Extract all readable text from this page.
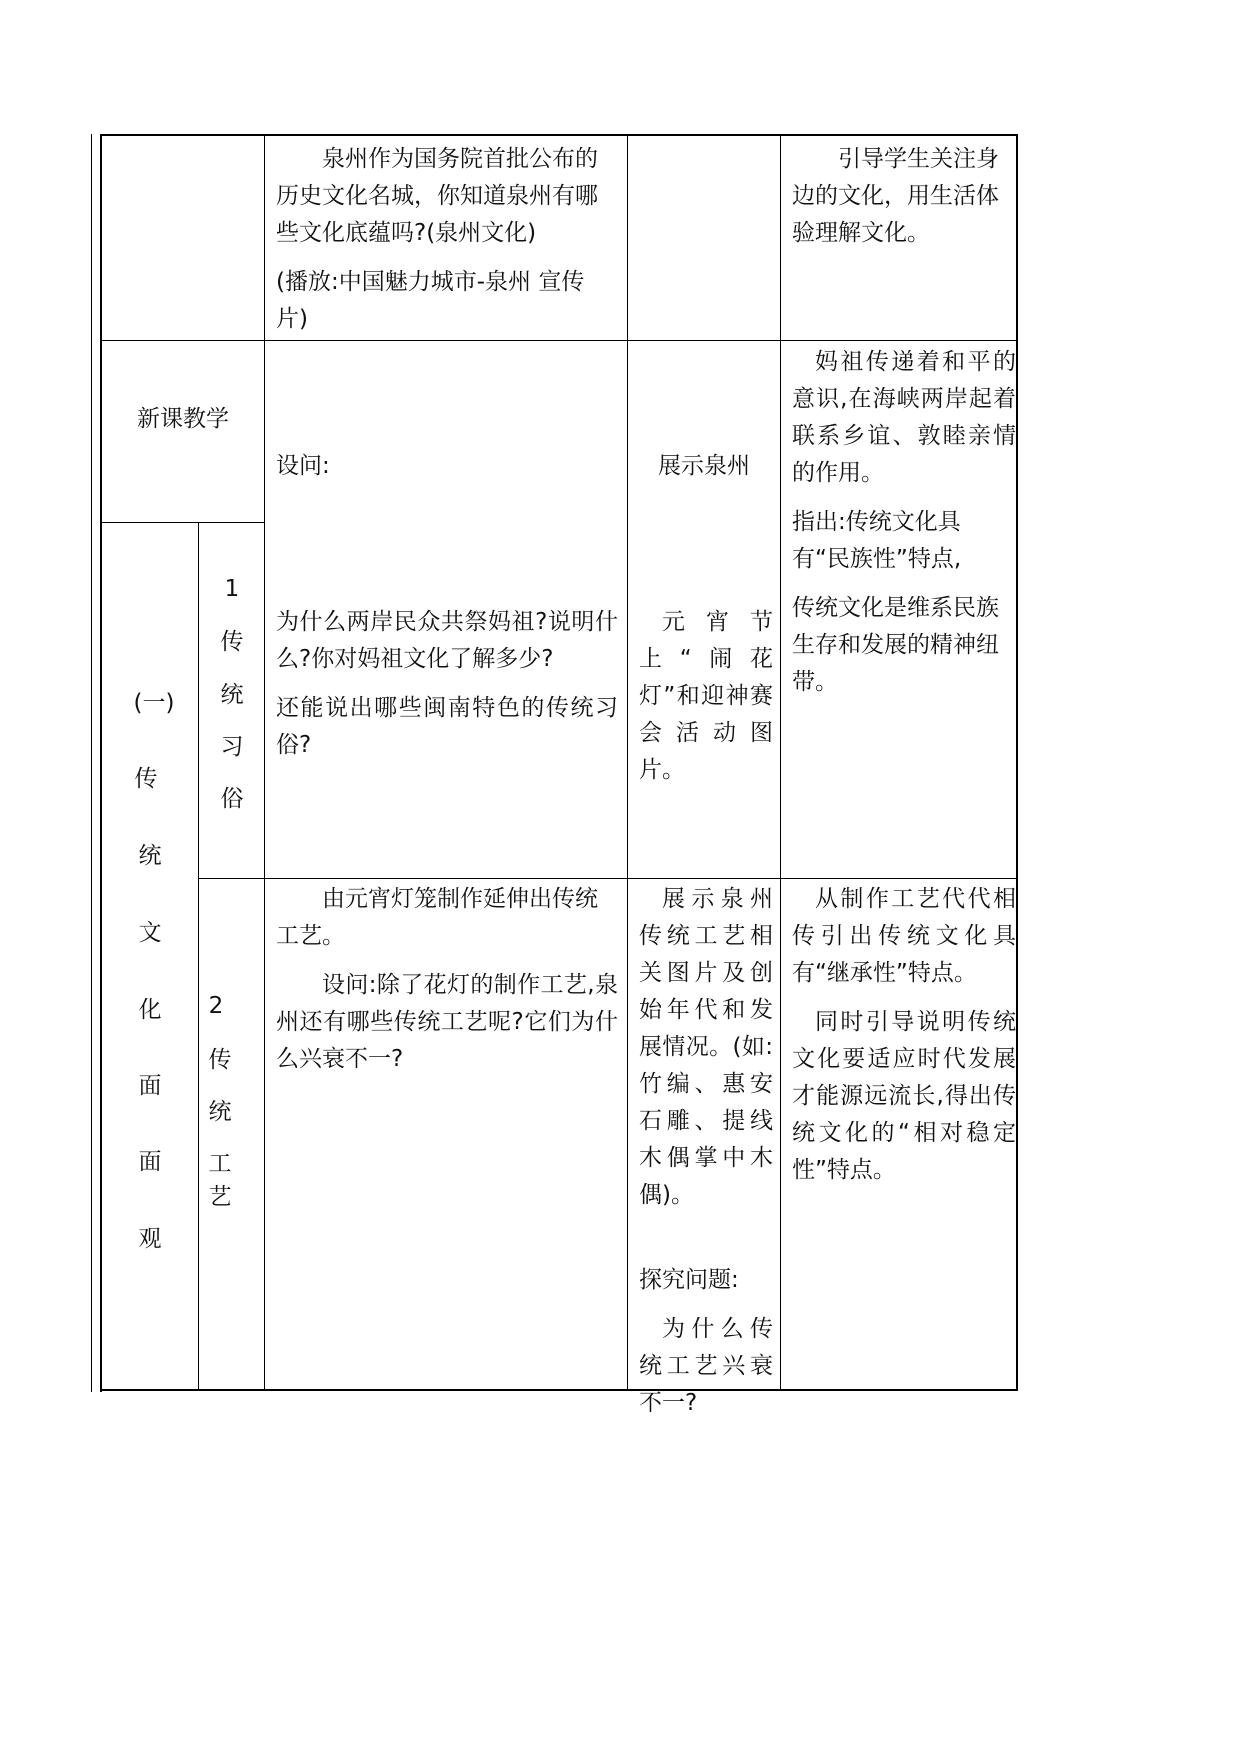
泉州作为国务院首批公布的历史文化名城，你知道泉州有哪些文化底蕴吗?(泉州文化)

(播放:中国魅力城市-泉州 宣传片)

引导学生关注身边的文化，用生活体验理解文化。

新课教学
设问:	展示泉州

妈祖传递着和平的意识,在海峡两岸起着联系乡谊、敦睦亲情的作用。

指出:传统文化具有“民族性”特点,

传统文化是维系民族生存和发展的精神纽带。

(一)
传
统
文
化
面
面
观
1
传
统
习
俗

为什么两岸民众共祭妈祖?说明什么?你对妈祖文化了解多少?

还能说出哪些闽南特色的传统习俗?

元宵节上“闹花灯”和迎神赛会活动图片。

2
传
统
工
艺

由元宵灯笼制作延伸出传统工艺。

设问:除了花灯的制作工艺,泉州还有哪些传统工艺呢?它们为什么兴衰不一?

展示泉州传统工艺相关图片及创始年代和发展情况。(如:竹编、惠安石雕、提线木偶掌中木偶)。

探究问题:

为什么传统工艺兴衰不一?

从制作工艺代代相传引出传统文化具有“继承性”特点。

同时引导说明传统文化要适应时代发展才能源远流长,得出传统文化的“相对稳定性”特点。
